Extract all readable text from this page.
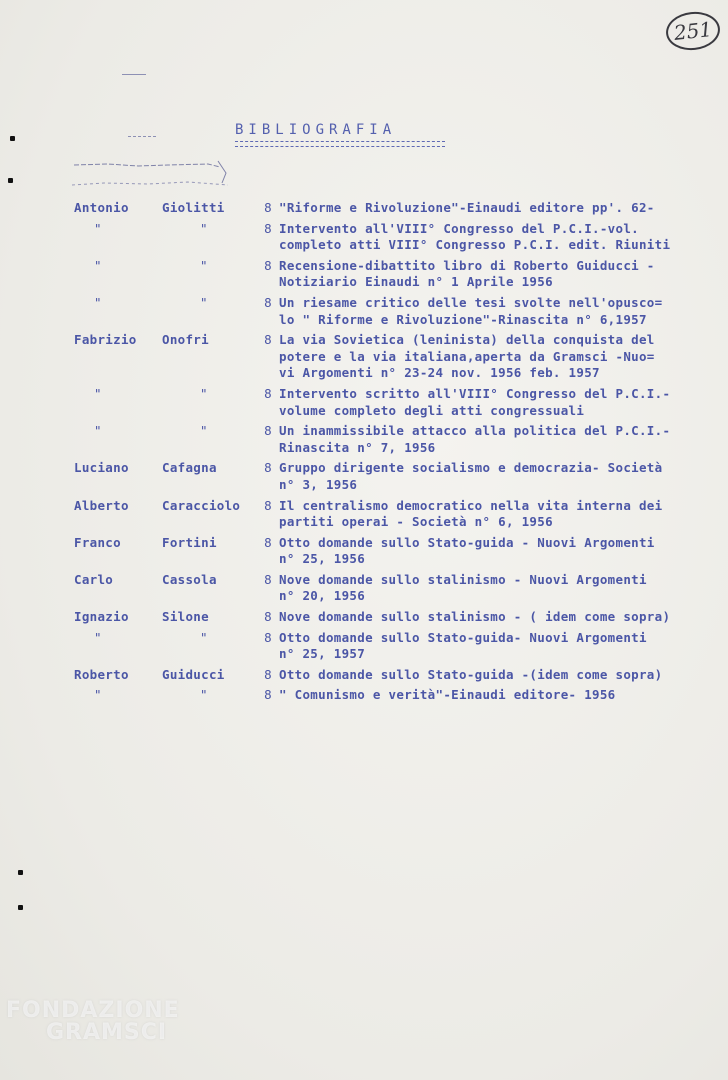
251
BIBLIOGRAFIA
Antonio	Giolitti	8 "Riforme e Rivoluzione"-Einaudi editore pp'. 62-
"	"	8 Intervento all'VIII° Congresso del P.C.I.-vol.
completo atti VIII° Congresso P.C.I. edit. Riuniti
"	"	8 Recensione-dibattito libro di Roberto Guiducci -
Notiziario Einaudi n° 1 Aprile 1956
"	"	8 Un riesame critico delle tesi svolte nell'opusco=
lo " Riforme e Rivoluzione"-Rinascita n° 6,1957
Fabrizio Onofri	8 La via Sovietica (leninista) della conquista del
potere e la via italiana,aperta da Gramsci -Nuo=
vi Argomenti n° 23-24 nov. 1956 feb. 1957
"	"	8 Intervento scritto all'VIII° Congresso del P.C.I.-
volume completo degli atti congressuali
"	"	8 Un inammissibile attacco alla politica del P.C.I.-
Rinascita n° 7, 1956
Luciano	Cafagna	8 Gruppo dirigente socialismo e democrazia- Società
n° 3, 1956
Alberto	Caracciolo 8 Il centralismo democratico nella vita interna dei
partiti operai - Società n° 6, 1956
Franco	Fortini	8 Otto domande sullo Stato-guida - Nuovi Argomenti
n° 25, 1956
Carlo	Cassola	8 Nove domande sullo stalinismo - Nuovi Argomenti
n° 20, 1956
Ignazio	Silone	8 Nove domande sullo stalinismo - ( idem come sopra)
"	"	8 Otto domande sullo Stato-guida- Nuovi Argomenti
n° 25, 1957
Roberto	Guiducci	8 Otto domande sullo Stato-guida -(idem come sopra)
"	"	8 " Comunismo e verità"-Einaudi editore- 1956
FONDAZIONE
GRAMSCI
